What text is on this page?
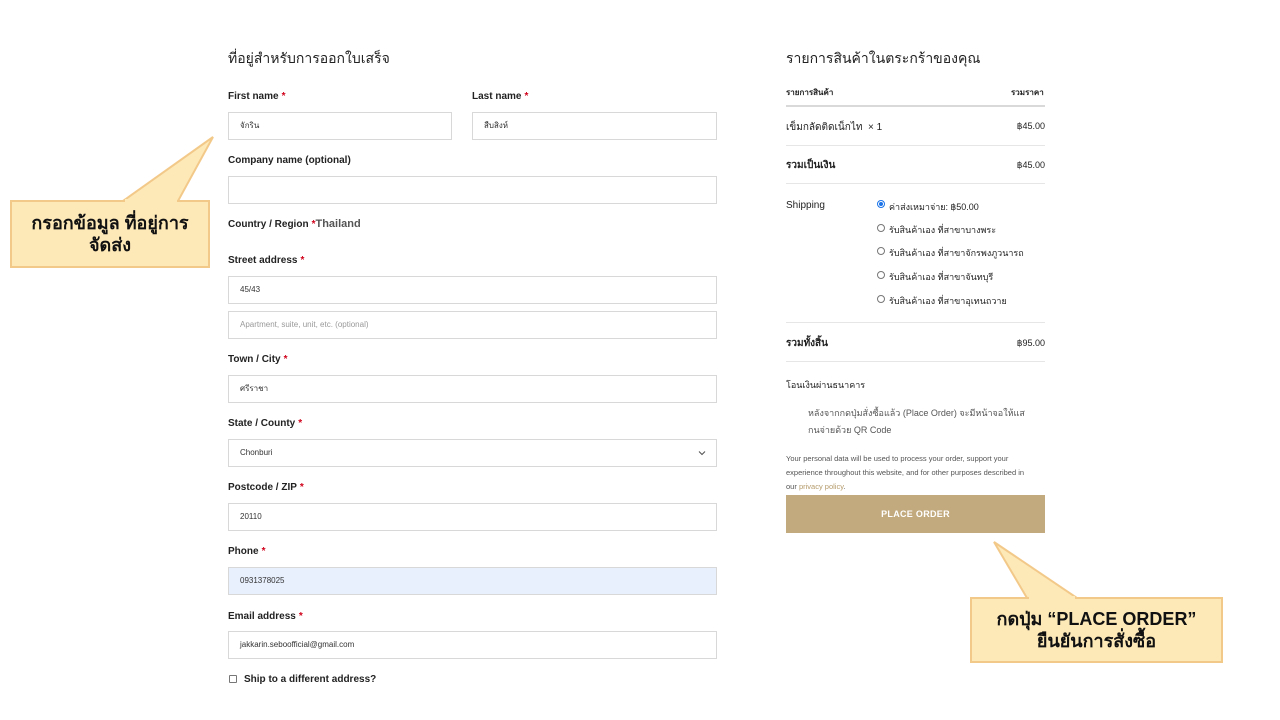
ที่อยู่สำหรับการออกใบเสร็จ
First name *
จักริน
Last name *
สืบสิงห์
Company name (optional)
Country / Region *Thailand
Street address *
45/43
Apartment, suite, unit, etc. (optional)
Town / City *
ศรีราชา
State / County *
Chonburi
Postcode / ZIP *
20110
Phone *
0931378025
Email address *
jakkarin.seboofficial@gmail.com
Ship to a different address?
รายการสินค้าในตระกร้าของคุณ
รายการสินค้า	รวมราคา
เข็มกลัดติดเน็กไท × 1	฿45.00
รวมเป็นเงิน	฿45.00
Shipping	ค่าส่งเหมาจ่าย: ฿50.00
รับสินค้าเอง ที่สาขาบางพระ
รับสินค้าเอง ที่สาขาจักรพงภูวนารถ
รับสินค้าเอง ที่สาขาจันทบุรี
รับสินค้าเอง ที่สาขาอุเทนถวาย
รวมทั้งสิ้น	฿95.00
โอนเงินผ่านธนาคาร
หลังจากกดปุ่มสั่งซื้อแล้ว (Place Order) จะมีหน้าจอให้แส
กนจ่ายด้วย QR Code
Your personal data will be used to process your order, support your
experience throughout this website, and for other purposes described in
our privacy policy.
PLACE ORDER
กรอกข้อมูล ที่อยู่การ
จัดส่ง
กดปุ่ม “PLACE ORDER”
ยืนยันการสั่งซื้อ
